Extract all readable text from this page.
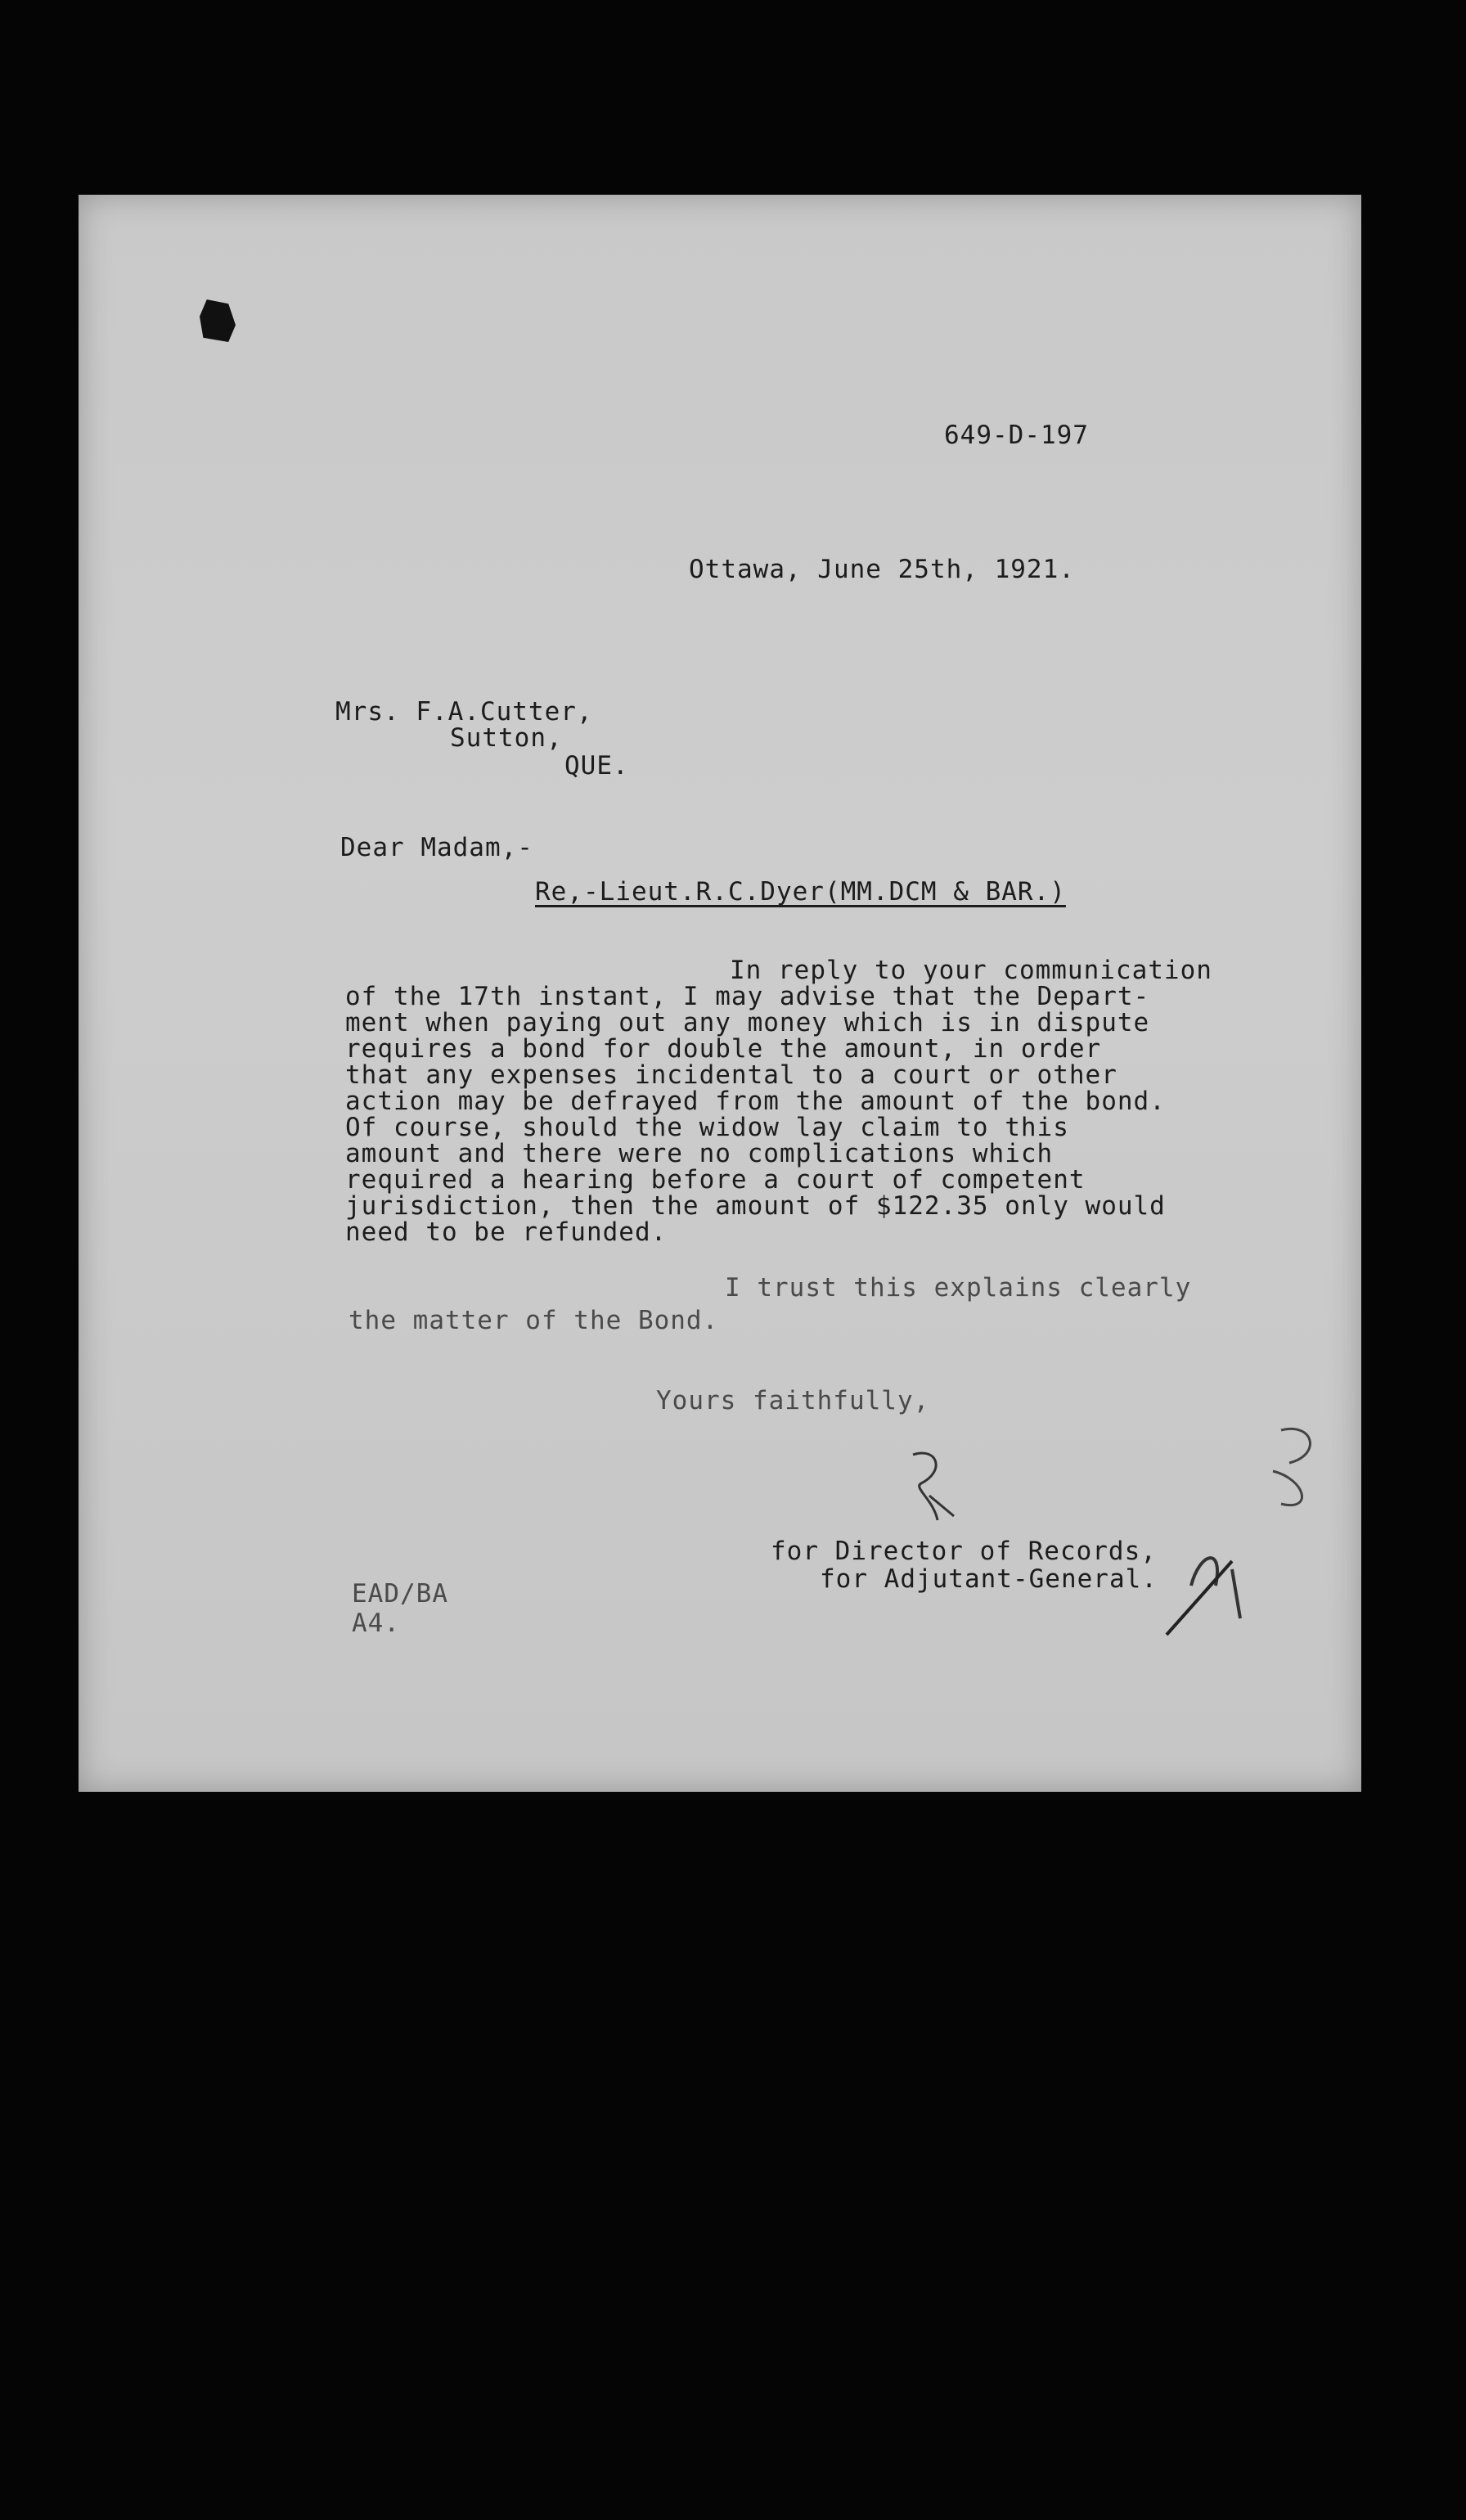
649-D-197
Ottawa, June 25th, 1921.
Mrs. F.A.Cutter,
Sutton,
QUE.
Dear Madam,-
Re,-Lieut.R.C.Dyer(MM.DCM & BAR.)
In reply to your communication
of the 17th instant, I may advise that the Depart-
ment when paying out any money which is in dispute
requires a bond for double the amount, in order
that any expenses incidental to a court or other
action may be defrayed from the amount of the bond.
Of course, should the widow lay claim to this
amount and there were no complications which
required a hearing before a court of competent
jurisdiction, then the amount of $122.35 only would
need to be refunded.
I trust this explains clearly
the matter of the Bond.
Yours faithfully,
for Director of Records,
for Adjutant-General.
EAD/BA
A4.
